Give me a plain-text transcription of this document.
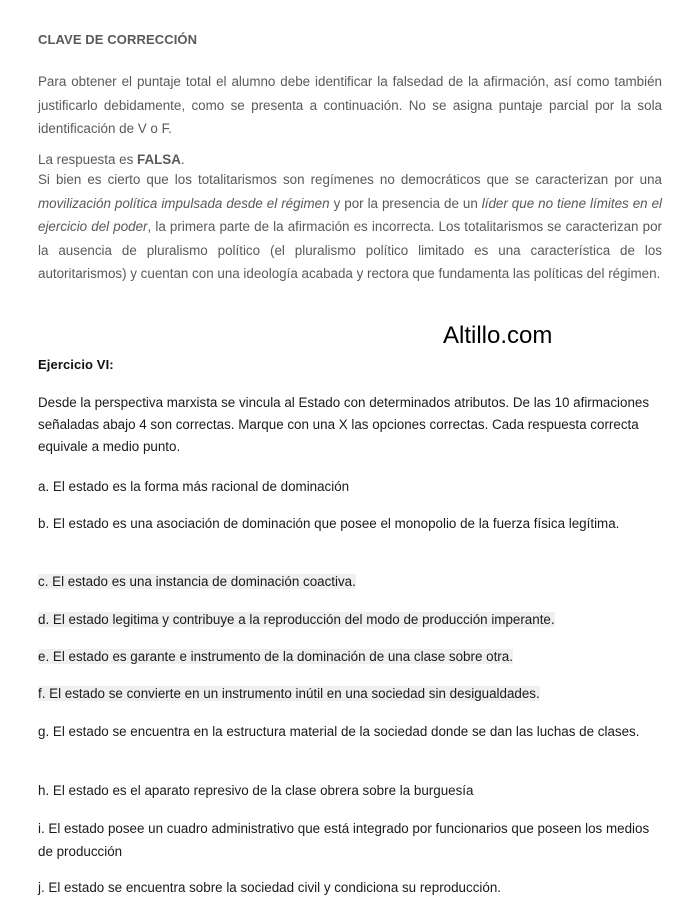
CLAVE DE CORRECCIÓN
Para obtener el puntaje total el alumno debe identificar la falsedad de la afirmación, así como también justificarlo debidamente, como se presenta a continuación. No se asigna puntaje parcial por la sola identificación de V o F.
La respuesta es FALSA.
Si bien es cierto que los totalitarismos son regímenes no democráticos que se caracterizan por una movilización política impulsada desde el régimen y por la presencia de un líder que no tiene límites en el ejercicio del poder, la primera parte de la afirmación es incorrecta. Los totalitarismos se caracterizan por la ausencia de pluralismo político (el pluralismo político limitado es una característica de los autoritarismos) y cuentan con una ideología acabada y rectora que fundamenta las políticas del régimen.
Ejercicio VI:
Desde la perspectiva marxista se vincula al Estado con determinados atributos. De las 10 afirmaciones señaladas abajo 4 son correctas. Marque con una X las opciones correctas. Cada respuesta correcta equivale a medio punto.
a. El estado es la forma más racional de dominación
b. El estado es una asociación de dominación que posee el monopolio de la fuerza física legítima.
c. El estado es una instancia de dominación coactiva.
d. El estado legitima y contribuye a la reproducción del modo de producción imperante.
e. El estado es garante e instrumento de la dominación de una clase sobre otra.
f. El estado se convierte en un instrumento inútil en una sociedad sin desigualdades.
g. El estado se encuentra en la estructura material de la sociedad donde se dan las luchas de clases.
h. El estado es el aparato represivo de la clase obrera sobre la burguesía
i. El estado posee un cuadro administrativo que está integrado por funcionarios que poseen los medios de producción
j. El estado se encuentra sobre la sociedad civil y condiciona su reproducción.
Altillo.com
